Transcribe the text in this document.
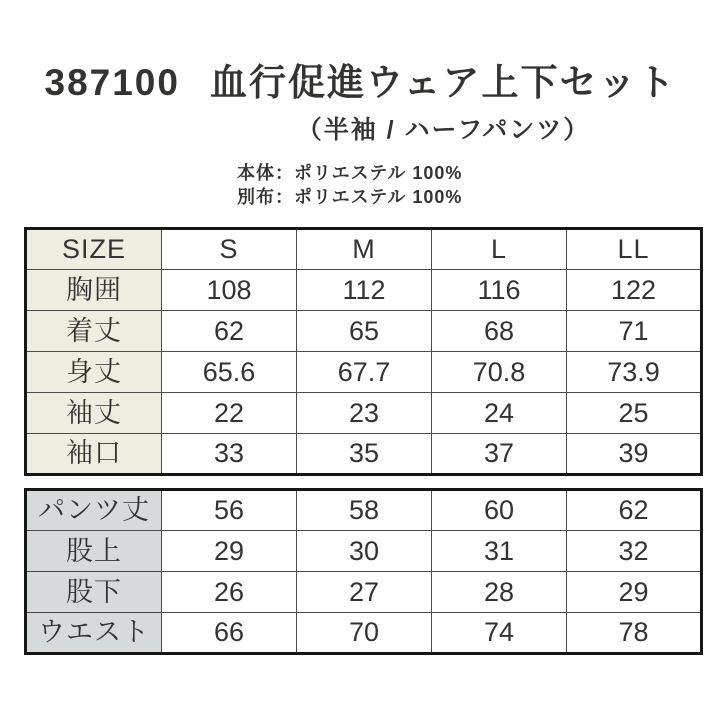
387100 血行促進ウェア上下セット
（半袖 / ハーフパンツ）
本体：ポリエステル 100%
別布：ポリエステル 100%
SIZE	S	M	L	LL
胸囲	108	112	116	122
着丈	62	65	68	71
身丈	65.6	67.7	70.8	73.9
袖丈	22	23	24	25
袖口	33	35	37	39
パンツ丈	56	58	60	62
股上	29	30	31	32
股下	26	27	28	29
ウエスト	66	70	74	78
